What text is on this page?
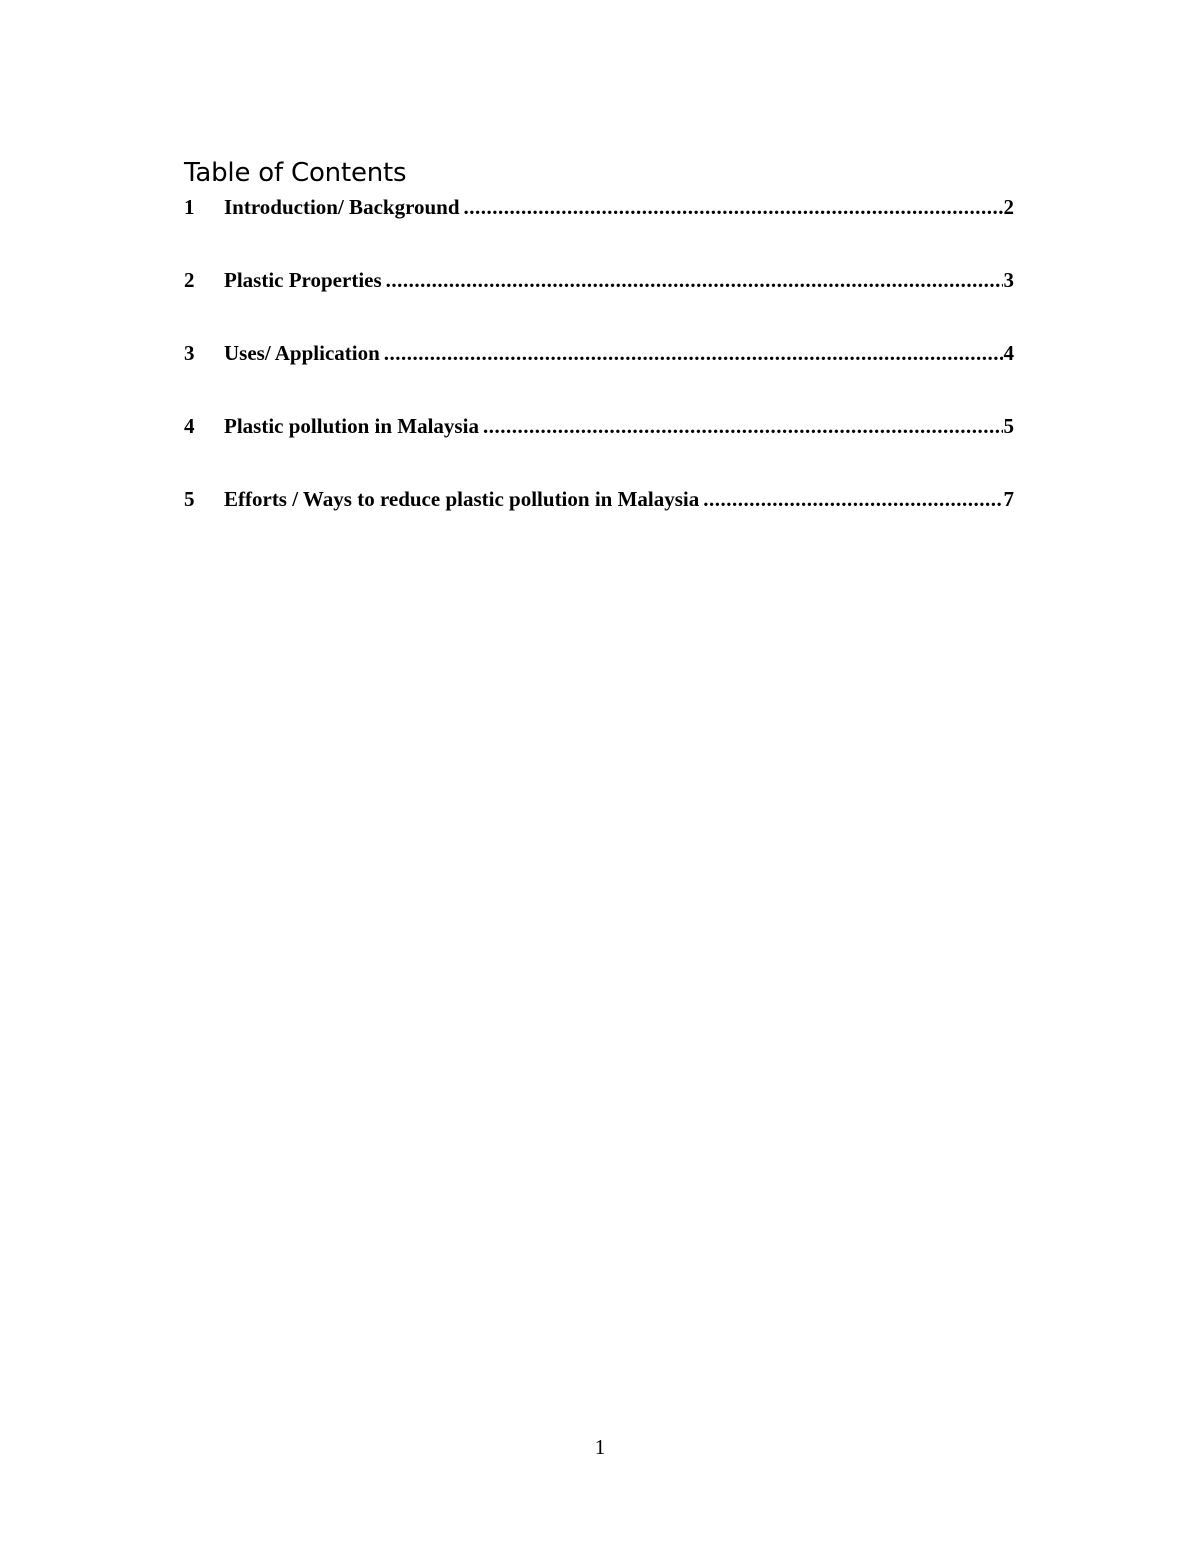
Table of Contents
1	Introduction/ Background .....	2
2	Plastic Properties .....	3
3	Uses/ Application .....	4
4	Plastic pollution in Malaysia .....	5
5	Efforts / Ways to reduce plastic pollution in Malaysia .....	7
1
